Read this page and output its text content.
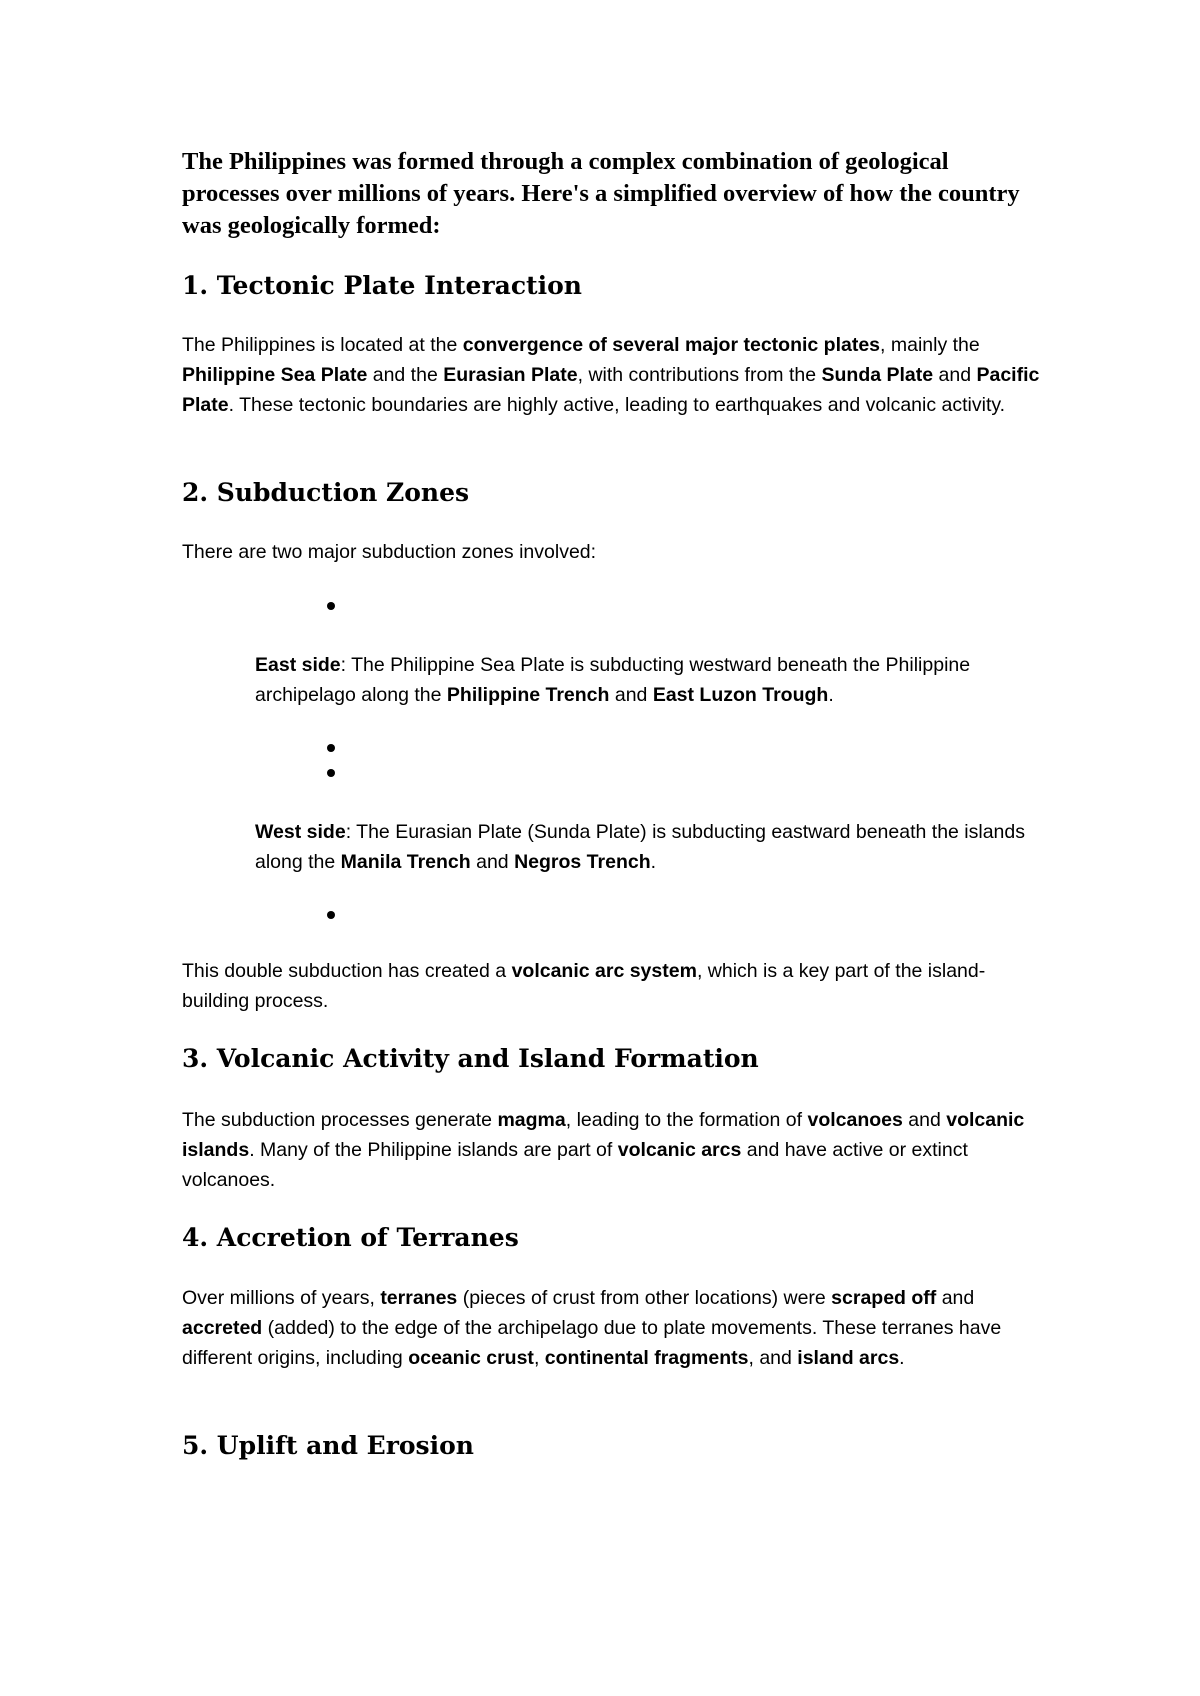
The Philippines was formed through a complex combination of geological processes over millions of years. Here's a simplified overview of how the country was geologically formed:
1. Tectonic Plate Interaction
The Philippines is located at the convergence of several major tectonic plates, mainly the Philippine Sea Plate and the Eurasian Plate, with contributions from the Sunda Plate and Pacific Plate. These tectonic boundaries are highly active, leading to earthquakes and volcanic activity.
2. Subduction Zones
There are two major subduction zones involved:
East side: The Philippine Sea Plate is subducting westward beneath the Philippine archipelago along the Philippine Trench and East Luzon Trough.
West side: The Eurasian Plate (Sunda Plate) is subducting eastward beneath the islands along the Manila Trench and Negros Trench.
This double subduction has created a volcanic arc system, which is a key part of the island-building process.
3. Volcanic Activity and Island Formation
The subduction processes generate magma, leading to the formation of volcanoes and volcanic islands. Many of the Philippine islands are part of volcanic arcs and have active or extinct volcanoes.
4. Accretion of Terranes
Over millions of years, terranes (pieces of crust from other locations) were scraped off and accreted (added) to the edge of the archipelago due to plate movements. These terranes have different origins, including oceanic crust, continental fragments, and island arcs.
5. Uplift and Erosion
